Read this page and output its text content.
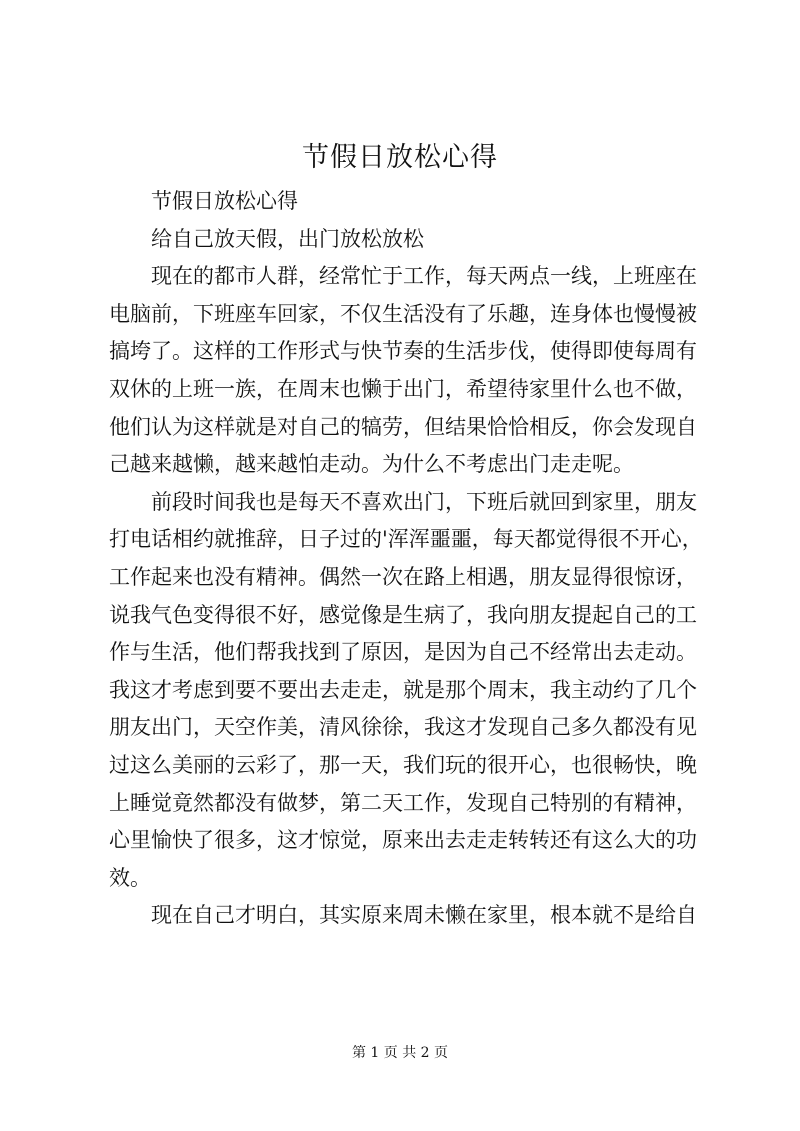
节假日放松心得

节假日放松心得

给自己放天假，出门放松放松

现在的都市人群，经常忙于工作，每天两点一线，上班座在电脑前，下班座车回家，不仅生活没有了乐趣，连身体也慢慢被搞垮了。这样的工作形式与快节奏的生活步伐，使得即使每周有双休的上班一族，在周末也懒于出门，希望待家里什么也不做，他们认为这样就是对自己的犒劳，但结果恰恰相反，你会发现自己越来越懒，越来越怕走动。为什么不考虑出门走走呢。

前段时间我也是每天不喜欢出门，下班后就回到家里，朋友打电话相约就推辞，日子过的'浑浑噩噩，每天都觉得很不开心，工作起来也没有精神。偶然一次在路上相遇，朋友显得很惊讶，说我气色变得很不好，感觉像是生病了，我向朋友提起自己的工作与生活，他们帮我找到了原因，是因为自己不经常出去走动。我这才考虑到要不要出去走走，就是那个周末，我主动约了几个朋友出门，天空作美，清风徐徐，我这才发现自己多久都没有见过这么美丽的云彩了，那一天，我们玩的很开心，也很畅快，晚上睡觉竟然都没有做梦，第二天工作，发现自己特别的有精神，心里愉快了很多，这才惊觉，原来出去走走转转还有这么大的功效。

现在自己才明白，其实原来周未懒在家里，根本就不是给自

第 1 页 共 2 页
